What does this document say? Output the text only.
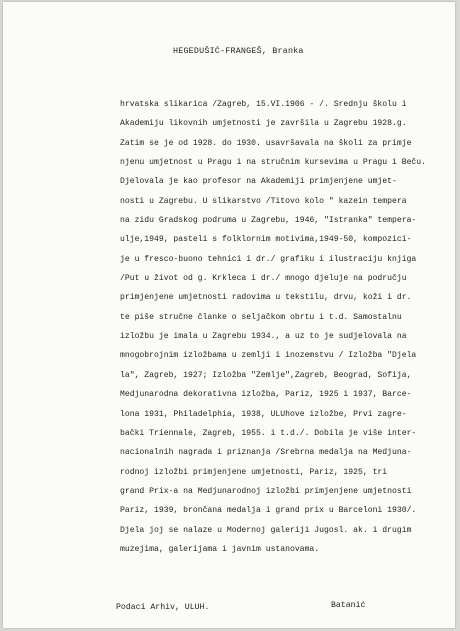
HEGEDUŠIĆ-FRANGEŠ, Branka
hrvatska slikarica /Zagreb, 15.VI.1906 - /. Srednju školu i
Akademiju likovnih umjetnosti je završila u Zagrebu 1928.g.
Zatim se je od 1928. do 1930. usavršavala na školi za primje
njenu umjetnost u Pragu i na stručnim kursevima u Pragu i Beču.
Djelovala je kao profesor na Akademiji primjenjene umjet-
nosti u Zagrebu. U slikarstvo /Titovo kolo " kazein tempera
na zidu Gradskog podruma u Zagrebu, 1946, "Istranka" tempera-
ulje,1949, pasteli s folklornim motivima,1949-50, kompozici-
je u fresco-buono tehnici i dr./ grafiku i ilustraciju knjiga
/Put u život od g. Krkleca i dr./ mnogo djeluje na području
primjenjene umjetnosti radovima u tekstilu, drvu, koži i dr.
te piše stručne članke o seljačkom obrtu i t.d. Samostalnu
izložbu je imala u Zagrebu 1934., a uz to je sudjelovala na
mnogobrojnim izložbama u zemlji i inozemstvu / Izložba "Djela
la", Zagreb, 1927; Izložba "Zemlje",Zagreb, Beograd, Sofija,
Medjunarodna dekorativna izložba, Pariz, 1925 i 1937, Barce-
lona 1931, Philadelphia, 1938, ULUhove izložbe, Prvi zagre-
bački Triennale, Zagreb, 1955. i t.d./. Dobila je više inter-
nacionalnih nagrada i priznanja /Srebrna medalja na Medjuna-
rodnoj izložbi primjenjene umjetnosti, Pariz, 1925, tri
grand Prix-a na Medjunarodnoj izložbi primjenjene umjetnosti
Pariz, 1939, brončana medalja i grand prix u Barceloni 1930/.
Djela joj se nalaze u Modernoj galeriji Jugosl. ak. i drugim
muzejima, galerijama i javnim ustanovama.
Podaci Arhiv, ULUH.	Batanić
